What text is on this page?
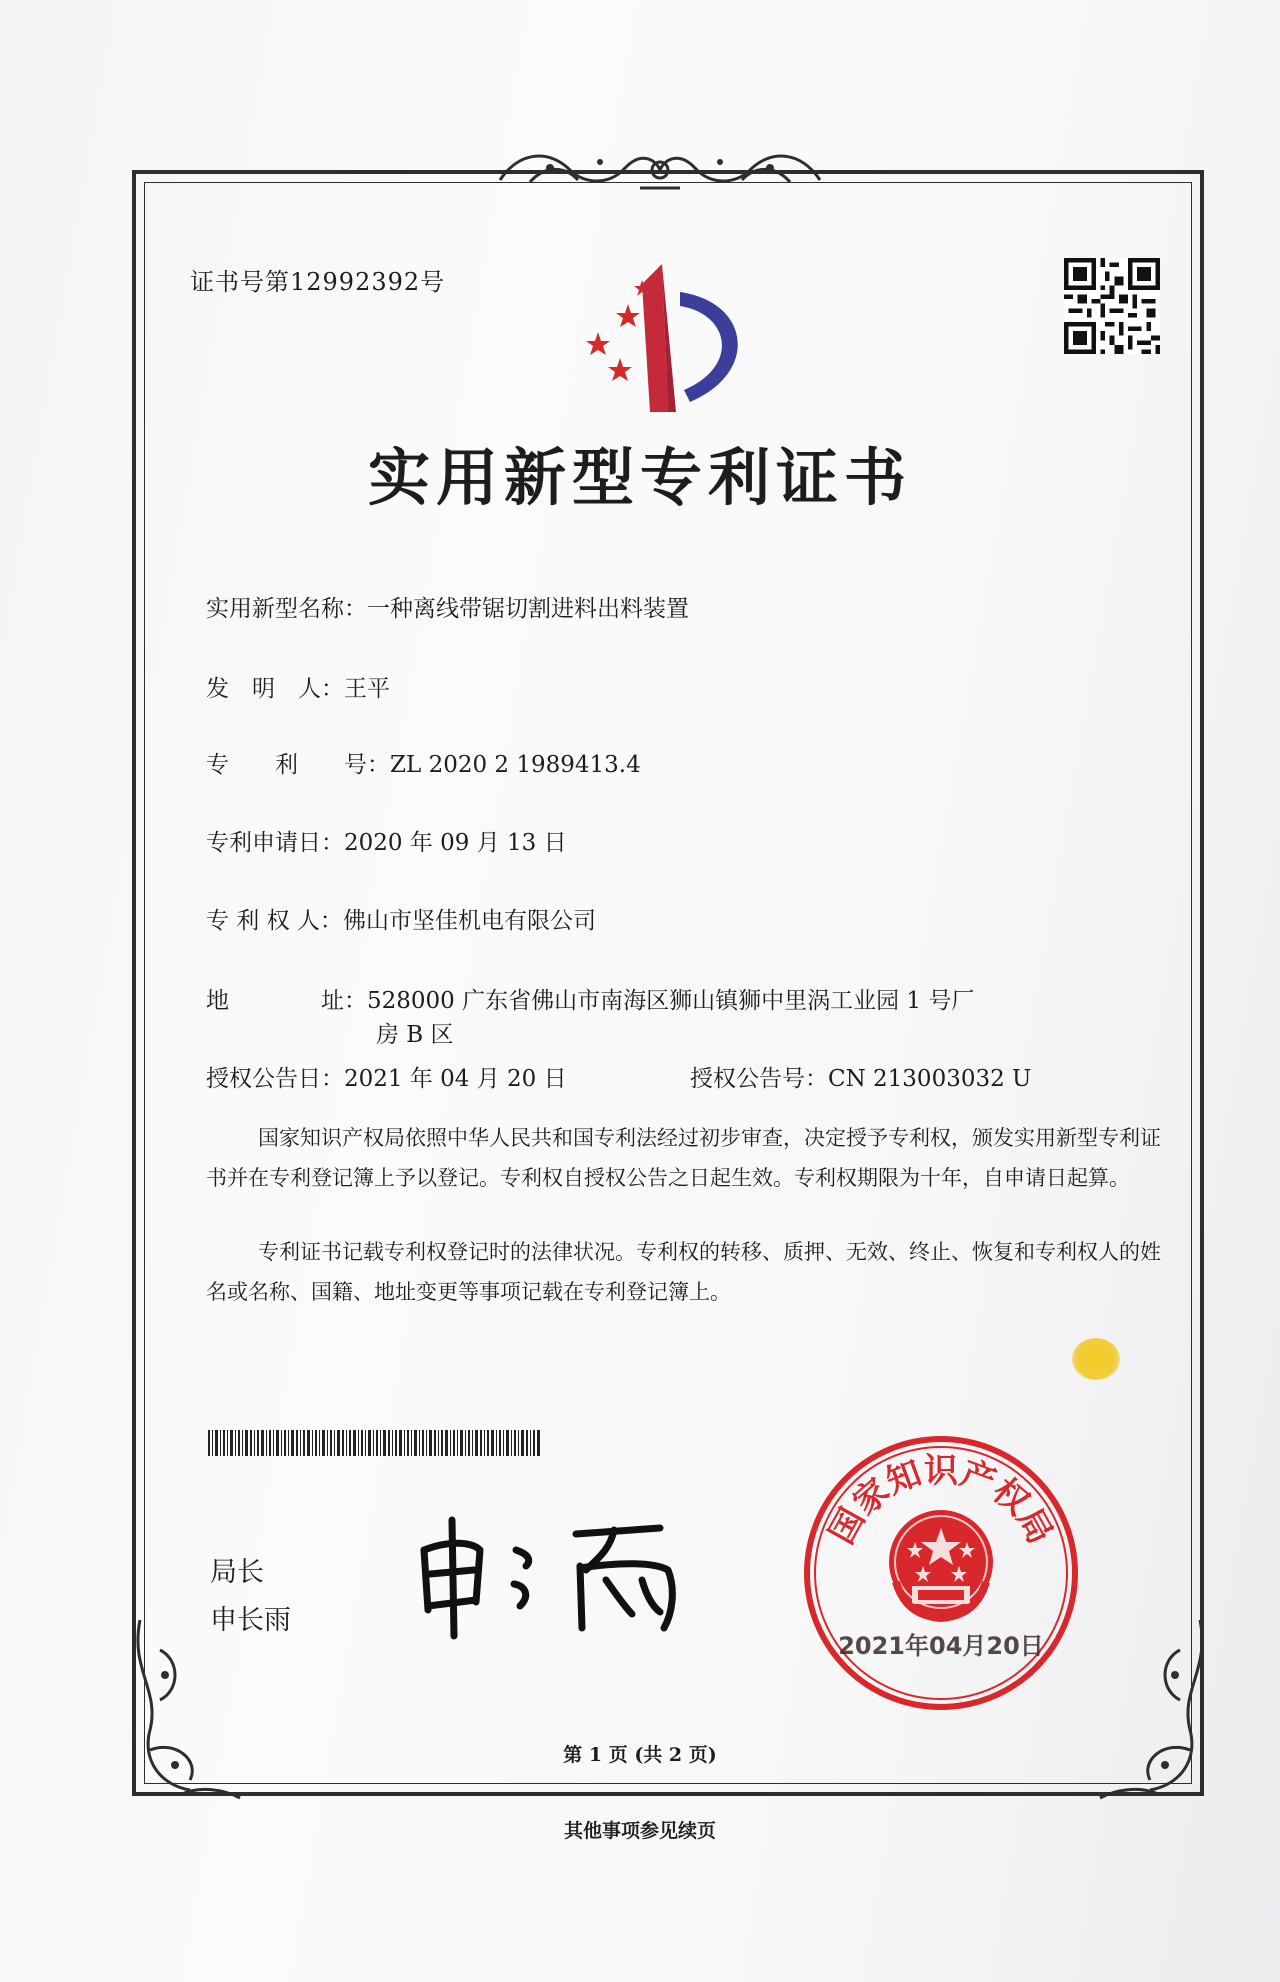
证书号第12992392号
实用新型专利证书
实用新型名称：一种离线带锯切割进料出料装置
发　明　人：王平
专　　利　　号：ZL 2020 2 1989413.4
专利申请日：2020 年 09 月 13 日
专 利 权 人：佛山市坚佳机电有限公司
地　　　　址：528000 广东省佛山市南海区狮山镇狮中里涡工业园 1 号厂
房 B 区
授权公告日：2021 年 04 月 20 日	授权公告号：CN 213003032 U
国家知识产权局依照中华人民共和国专利法经过初步审查，决定授予专利权，颁发实用新型专利证书并在专利登记簿上予以登记。专利权自授权公告之日起生效。专利权期限为十年，自申请日起算。
专利证书记载专利权登记时的法律状况。专利权的转移、质押、无效、终止、恢复和专利权人的姓名或名称、国籍、地址变更等事项记载在专利登记簿上。
局长
申长雨
国家知识产权局
2021年04月20日
第 1 页 (共 2 页)
其他事项参见续页
